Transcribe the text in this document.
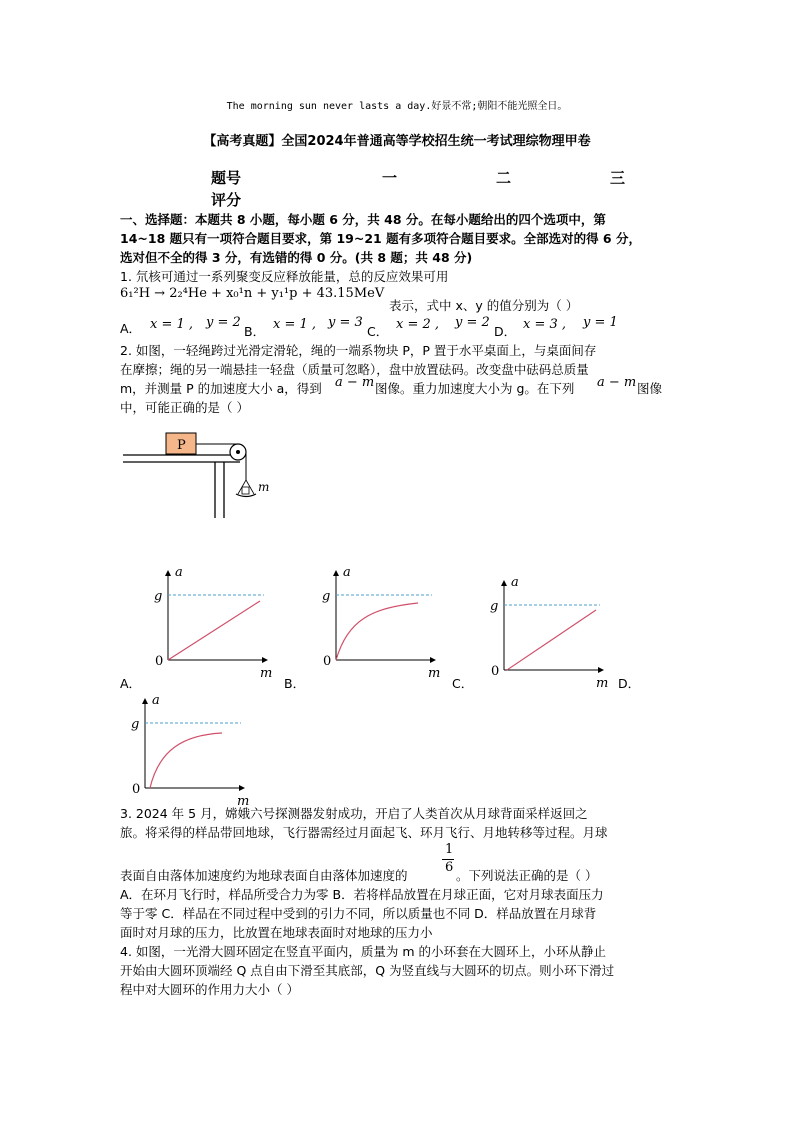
The morning sun never lasts a day.好景不常;朝阳不能光照全日。
【高考真题】全国2024年普通高等学校招生统一考试理综物理甲卷
题号	一	二	三
评分
一、选择题：本题共 8 小题，每小题 6 分，共 48 分。在每小题给出的四个选项中，第
14~18 题只有一项符合题目要求，第 19~21 题有多项符合题目要求。全部选对的得 6 分，
选对但不全的得 3 分，有选错的得 0 分。(共 8 题；共 48 分)
1. 氘核可通过一系列聚变反应释放能量，总的反应效果可用
6₁²H → 2₂⁴He + x₀¹n + y₁¹p + 43.15MeV
表示，式中 x、y 的值分别为（ ）
A． x = 1 , y = 2
B． x = 1 , y = 3
C． x = 2 , y = 2
D． x = 3 , y = 1
2. 如图，一轻绳跨过光滑定滑轮，绳的一端系物块 P，P 置于水平桌面上，与桌面间存
在摩擦；绳的另一端悬挂一轻盘（质量可忽略），盘中放置砝码。改变盘中砝码总质量
m，并测量 P 的加速度大小 a，得到 a − m 图像。重力加速度大小为 g。在下列 a − m 图像
中，可能正确的是（ ）
m
P
a
g
0
m
a
g
0
m
a
g
0
m
a
g
0
m
A．	B．	C．	D．
3. 2024 年 5 月，嫦娥六号探测器发射成功，开启了人类首次从月球背面采样返回之
旅。将采得的样品带回地球，飞行器需经过月面起飞、环月飞行、月地转移等过程。月球
1
6
表面自由落体加速度约为地球表面自由落体加速度的	。下列说法正确的是（ ）
A．在环月飞行时，样品所受合力为零 B．若将样品放置在月球正面，它对月球表面压力
等于零 C．样品在不同过程中受到的引力不同，所以质量也不同 D．样品放置在月球背
面时对月球的压力，比放置在地球表面时对地球的压力小
4. 如图，一光滑大圆环固定在竖直平面内，质量为 m 的小环套在大圆环上，小环从静止
开始由大圆环顶端经 Q 点自由下滑至其底部，Q 为竖直线与大圆环的切点。则小环下滑过
程中对大圆环的作用力大小（ ）
